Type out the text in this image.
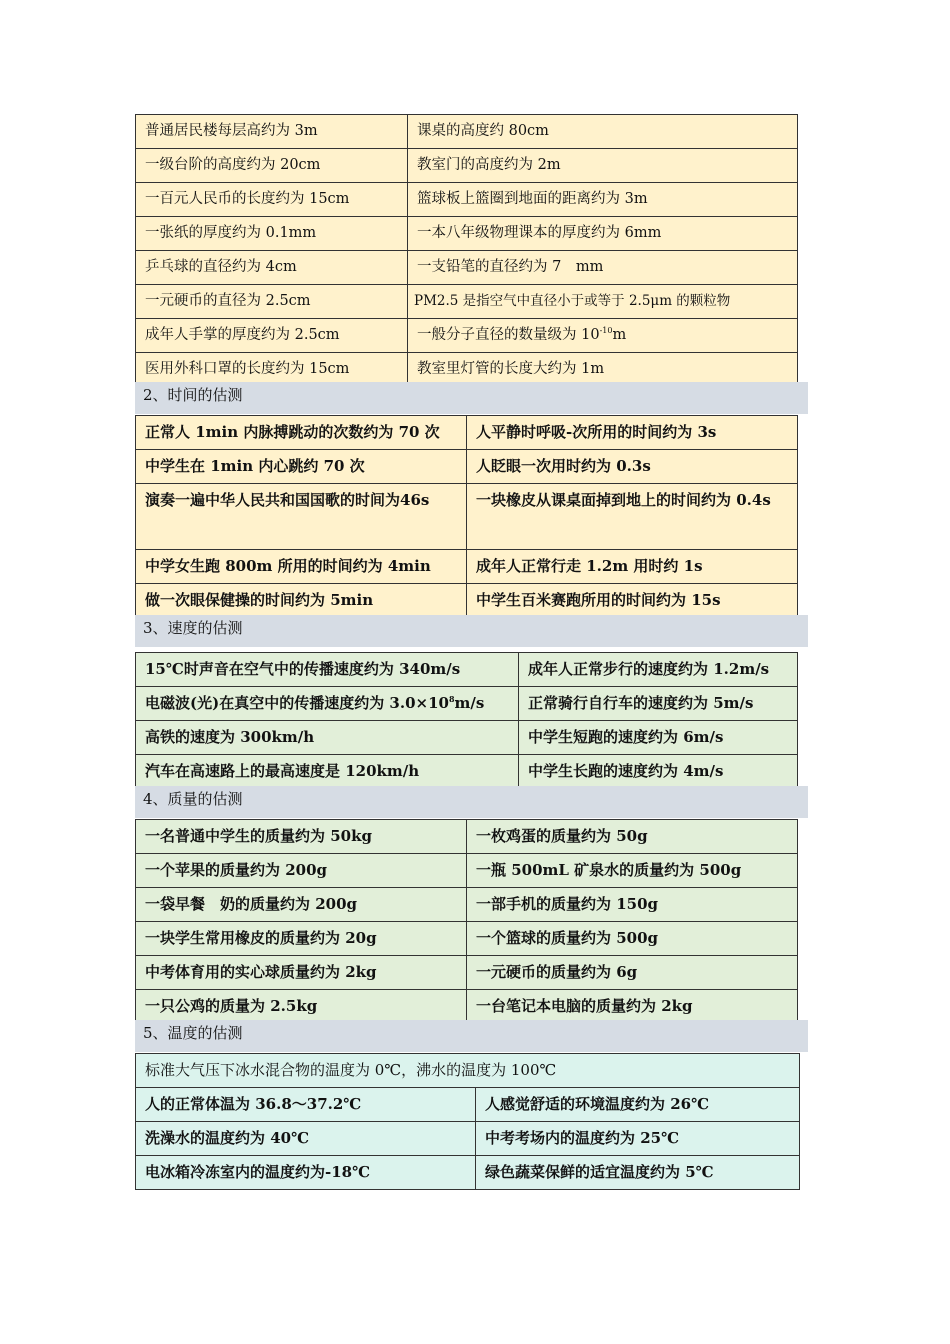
普通居民楼每层高约为 3m	课桌的高度约 80cm
一级台阶的高度约为 20cm	教室门的高度约为 2m
一百元人民币的长度约为 15cm	篮球板上篮圈到地面的距离约为 3m
一张纸的厚度约为 0.1mm	一本八年级物理课本的厚度约为 6mm
乒乓球的直径约为 4cm	一支铅笔的直径约为 7　mm
一元硬币的直径为 2.5cm	PM2.5 是指空气中直径小于或等于 2.5μm 的颗粒物
成年人手掌的厚度约为 2.5cm	一般分子直径的数量级为 $10^{-10}m$
医用外科口罩的长度约为 15cm	教室里灯管的长度大约为 1m
2、时间的估测
正常人 1min 内脉搏跳动的次数约为 70 次	人平静时呼吸-次所用的时间约为 3s
中学生在 1min 内心跳约 70 次	人眨眼一次用时约为 0.3s
演奏一遍中华人民共和国国歌的时间为46s	一块橡皮从课桌面掉到地上的时间约为 0.4s
中学女生跑 800m 所用的时间约为 4min	成年人正常行走 1.2m 用时约 1s
做一次眼保健操的时间约为 5min	中学生百米赛跑所用的时间约为 15s
3、速度的估测
15℃时声音在空气中的传播速度约为 340m/s	成年人正常步行的速度约为 1.2m/s
电磁波(光)在真空中的传播速度约为 $3.0\times 10^8m/s$	正常骑行自行车的速度约为 5m/s
高铁的速度为 300km/h	中学生短跑的速度约为 6m/s
汽车在高速路上的最高速度是 120km/h	中学生长跑的速度约为 4m/s
4、质量的估测
一名普通中学生的质量约为 50kg	一枚鸡蛋的质量约为 50g
一个苹果的质量约为 200g	一瓶 500mL 矿泉水的质量约为 500g
一袋早餐　奶的质量约为 200g	一部手机的质量约为 150g
一块学生常用橡皮的质量约为 20g	一个篮球的质量约为 500g
中考体育用的实心球质量约为 2kg	一元硬币的质量约为 6g
一只公鸡的质量为 2.5kg	一台笔记本电脑的质量约为 2kg
5、温度的估测
标准大气压下冰水混合物的温度为 0℃，沸水的温度为 100℃	
人的正常体温为 36.8～37.2℃	人感觉舒适的环境温度约为 26℃
洗澡水的温度约为 40℃	中考考场内的温度约为 25℃
电冰箱冷冻室内的温度约为-18℃	绿色蔬菜保鲜的适宜温度约为 5℃
